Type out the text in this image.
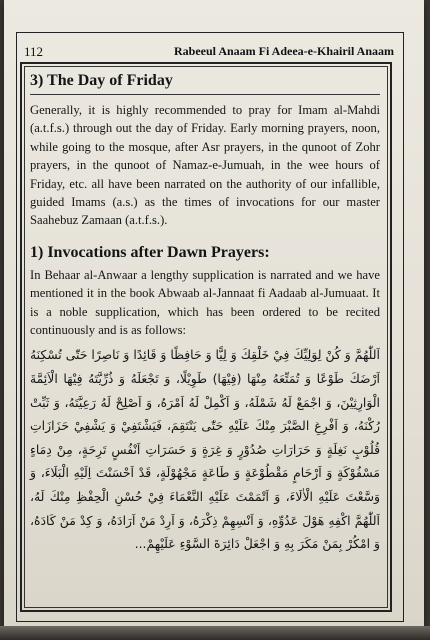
112	Rabeeul Anaam Fi Adeea-e-Khairil Anaam
3) The Day of Friday

Generally, it is highly recommended to pray for Imam al-Mahdi (a.t.f.s.) through out the day of Friday. Early morning prayers, noon, while going to the mosque, after Asr prayers, in the qunoot of Zohr prayers, in the qunoot of Namaz-e-Jumuah, in the wee hours of Friday, etc. all have been narrated on the authority of our infallible, guided Imams (a.s.) as the times of invocations for our master Saahebuz Zamaan (a.t.f.s.).

1) Invocations after Dawn Prayers:

In Behaar al-Anwaar a lengthy supplication is narrated and we have mentioned it in the book Abwaab al-Jannaat fi Aadaab al-Jumuaat. It is a noble supplication, which has been ordered to be recited continuously and is as follows:

اَللّٰهُمَّ وَ كُنْ لِوَلِيِّكَ فِيْ خَلْقِكَ وَ لِيًّا وَ حَافِظًا وَ قَائِدًا وَ نَاصِرًا حَتّٰى تُسْكِنَهُ اَرْضَكَ طَوْعًا وَ تُمَتِّعَهُ مِنْهَا (فِيْهَا) طَوِيْلًا، وَ تَجْعَلَهُ وَ ذُرِّيَّتَهُ فِيْهَا الْاَئِمَّةَ الْوَارِثِيْنَ، وَ اجْمَعْ لَهُ شَمْلَهُ، وَ اَكْمِلْ لَهُ اَمْرَهُ، وَ اَصْلِحْ لَهُ رَعِيَّتَهُ، وَ ثَبِّتْ رُكْنَهُ، وَ اَفْرِغِ الصَّبْرَ مِنْكَ عَلَيْهِ حَتّٰى يَنْتَقِمَ، فَيَشْتَفِيْ وَ يَشْفِيْ حَزَازَاتِ قُلُوْبٍ نَغِلَةٍ وَ حَرَارَاتِ صُدُوْرٍ وَ غِرَةٍ وَ حَسَرَاتِ اَنْفُسٍ تَرِحَةٍ، مِنْ دِمَاءٍ مَسْفُوْكَةٍ وَ اَرْحَامٍ مَقْطُوْعَةٍ وَ طَاعَةٍ مَجْهُوْلَةٍ، قَدْ اَحْسَنْتَ اِلَيْهِ الْبَلَاءَ، وَ وَسَّعْتَ عَلَيْهِ الْاٰلَاءَ، وَ اَتْمَمْتَ عَلَيْهِ النَّعْمَاءَ فِيْ حُسْنِ الْحِفْظِ مِنْكَ لَهُ، اَللّٰهُمَّ اكْفِهِ هَوْلَ عَدُوِّهِ، وَ اَنْسِهِمْ ذِكْرَهُ، وَ اَرِدْ مَنْ اَرَادَهُ، وَ كِدْ مَنْ كَادَهُ، وَ امْكُرْ بِمَنْ مَكَرَ بِهِ وَ اجْعَلْ دَائِرَةَ السَّوْءِ عَلَيْهِمْ...
